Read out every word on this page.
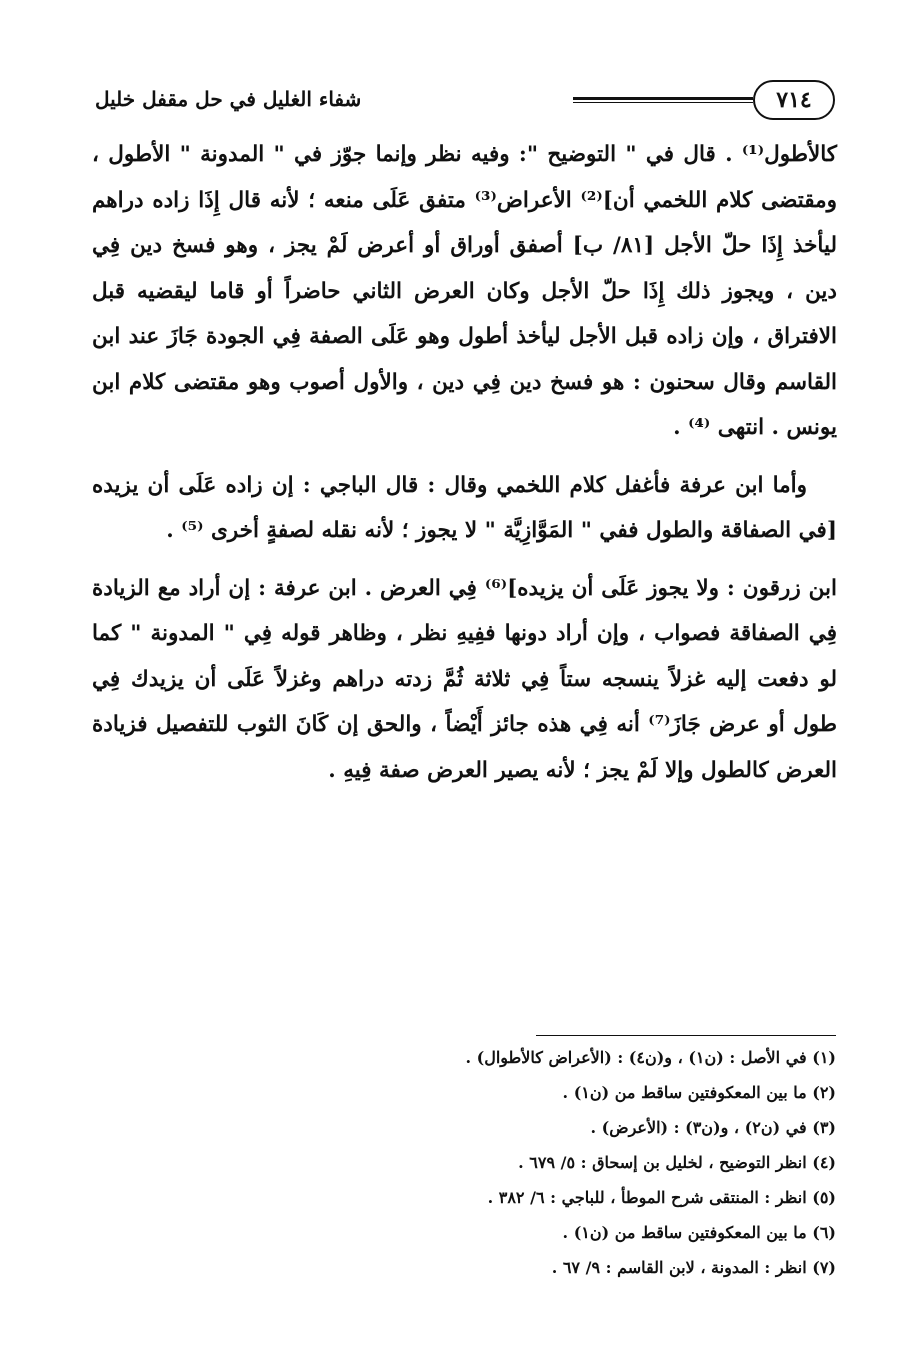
٧١٤
شفاء الغليل في حل مقفل خليل

كالأطول⁽¹⁾ . قال في " التوضيح ": وفيه نظر وإنما جوّز في " المدونة " الأطول ، ومقتضى كلام اللخمي أن]⁽²⁾ الأعراض⁽³⁾ متفق عَلَى منعه ؛ لأنه قال إِذَا زاده دراهم ليأخذ إِذَا حلّ الأجل [٨١/ ب] أصفق أوراق أو أعرض لَمْ يجز ، وهو فسخ دين فِي دين ، ويجوز ذلك إِذَا حلّ الأجل وكان العرض الثاني حاضراً أو قاما ليقضيه قبل الافتراق ، وإن زاده قبل الأجل ليأخذ أطول وهو عَلَى الصفة فِي الجودة جَازَ عند ابن القاسم وقال سحنون : هو فسخ دين فِي دين ، والأول أصوب وهو مقتضى كلام ابن يونس . انتهى ⁽⁴⁾ .

وأما ابن عرفة فأغفل كلام اللخمي وقال : قال الباجي : إن زاده عَلَى أن يزيده [في الصفاقة والطول ففي " المَوَّازِيَّة " لا يجوز ؛ لأنه نقله لصفةٍ أخرى ⁽⁵⁾ .

ابن زرقون : ولا يجوز عَلَى أن يزيده]⁽⁶⁾ فِي العرض . ابن عرفة : إن أراد مع الزيادة فِي الصفاقة فصواب ، وإن أراد دونها ففِيهِ نظر ، وظاهر قوله فِي " المدونة " كما لو دفعت إليه غزلاً ينسجه ستاً فِي ثلاثة ثُمَّ زدته دراهم وغزلاً عَلَى أن يزيدك فِي طول أو عرض جَازَ⁽⁷⁾ أنه فِي هذه جائز أَيْضاً ، والحق إن كَانَ الثوب للتفصيل فزيادة العرض كالطول وإلا لَمْ يجز ؛ لأنه يصير العرض صفة فِيهِ .

(١) في الأصل : (ن١) ، و(ن٤) : (الأعراض كالأطوال) .
(٢) ما بين المعكوفتين ساقط من (ن١) .
(٣) في (ن٢) ، و(ن٣) : (الأعرض) .
(٤) انظر التوضيح ، لخليل بن إسحاق : ٥/ ٦٧٩ .
(٥) انظر : المنتقى شرح الموطأ ، للباجي : ٦/ ٣٨٢ .
(٦) ما بين المعكوفتين ساقط من (ن١) .
(٧) انظر : المدونة ، لابن القاسم : ٩/ ٦٧ .
